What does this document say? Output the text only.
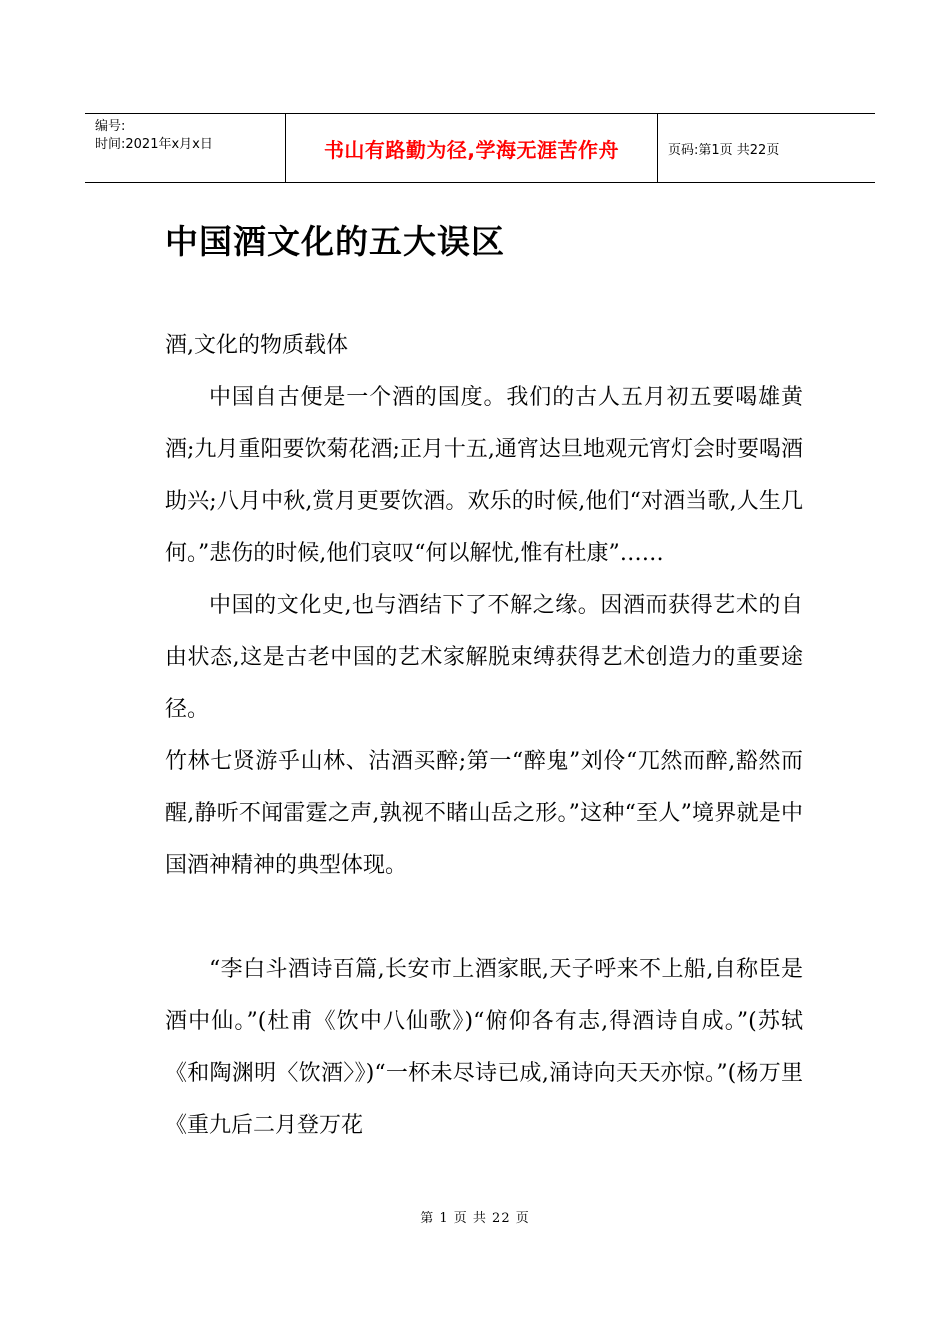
编号:
时间:2021年x月x日	书山有路勤为径,学海无涯苦作舟	页码:第1页 共22页
中国酒文化的五大误区

酒,文化的物质载体

中国自古便是一个酒的国度。我们的古人五月初五要喝雄黄酒;九月重阳要饮菊花酒;正月十五,通宵达旦地观元宵灯会时要喝酒助兴;八月中秋,赏月更要饮酒。欢乐的时候,他们“对酒当歌,人生几何。”悲伤的时候,他们哀叹“何以解忧,惟有杜康”……

中国的文化史,也与酒结下了不解之缘。因酒而获得艺术的自由状态,这是古老中国的艺术家解脱束缚获得艺术创造力的重要途径。

竹林七贤游乎山林、沽酒买醉;第一“醉鬼”刘伶“兀然而醉,豁然而醒,静听不闻雷霆之声,孰视不睹山岳之形。”这种“至人”境界就是中国酒神精神的典型体现。

“李白斗酒诗百篇,长安市上酒家眠,天子呼来不上船,自称臣是酒中仙。”(杜甫《饮中八仙歌》)“俯仰各有志,得酒诗自成。”(苏轼《和陶渊明〈饮酒〉》)“一杯未尽诗已成,涌诗向天天亦惊。”(杨万里《重九后二月登万花

第 1 页 共 22 页
